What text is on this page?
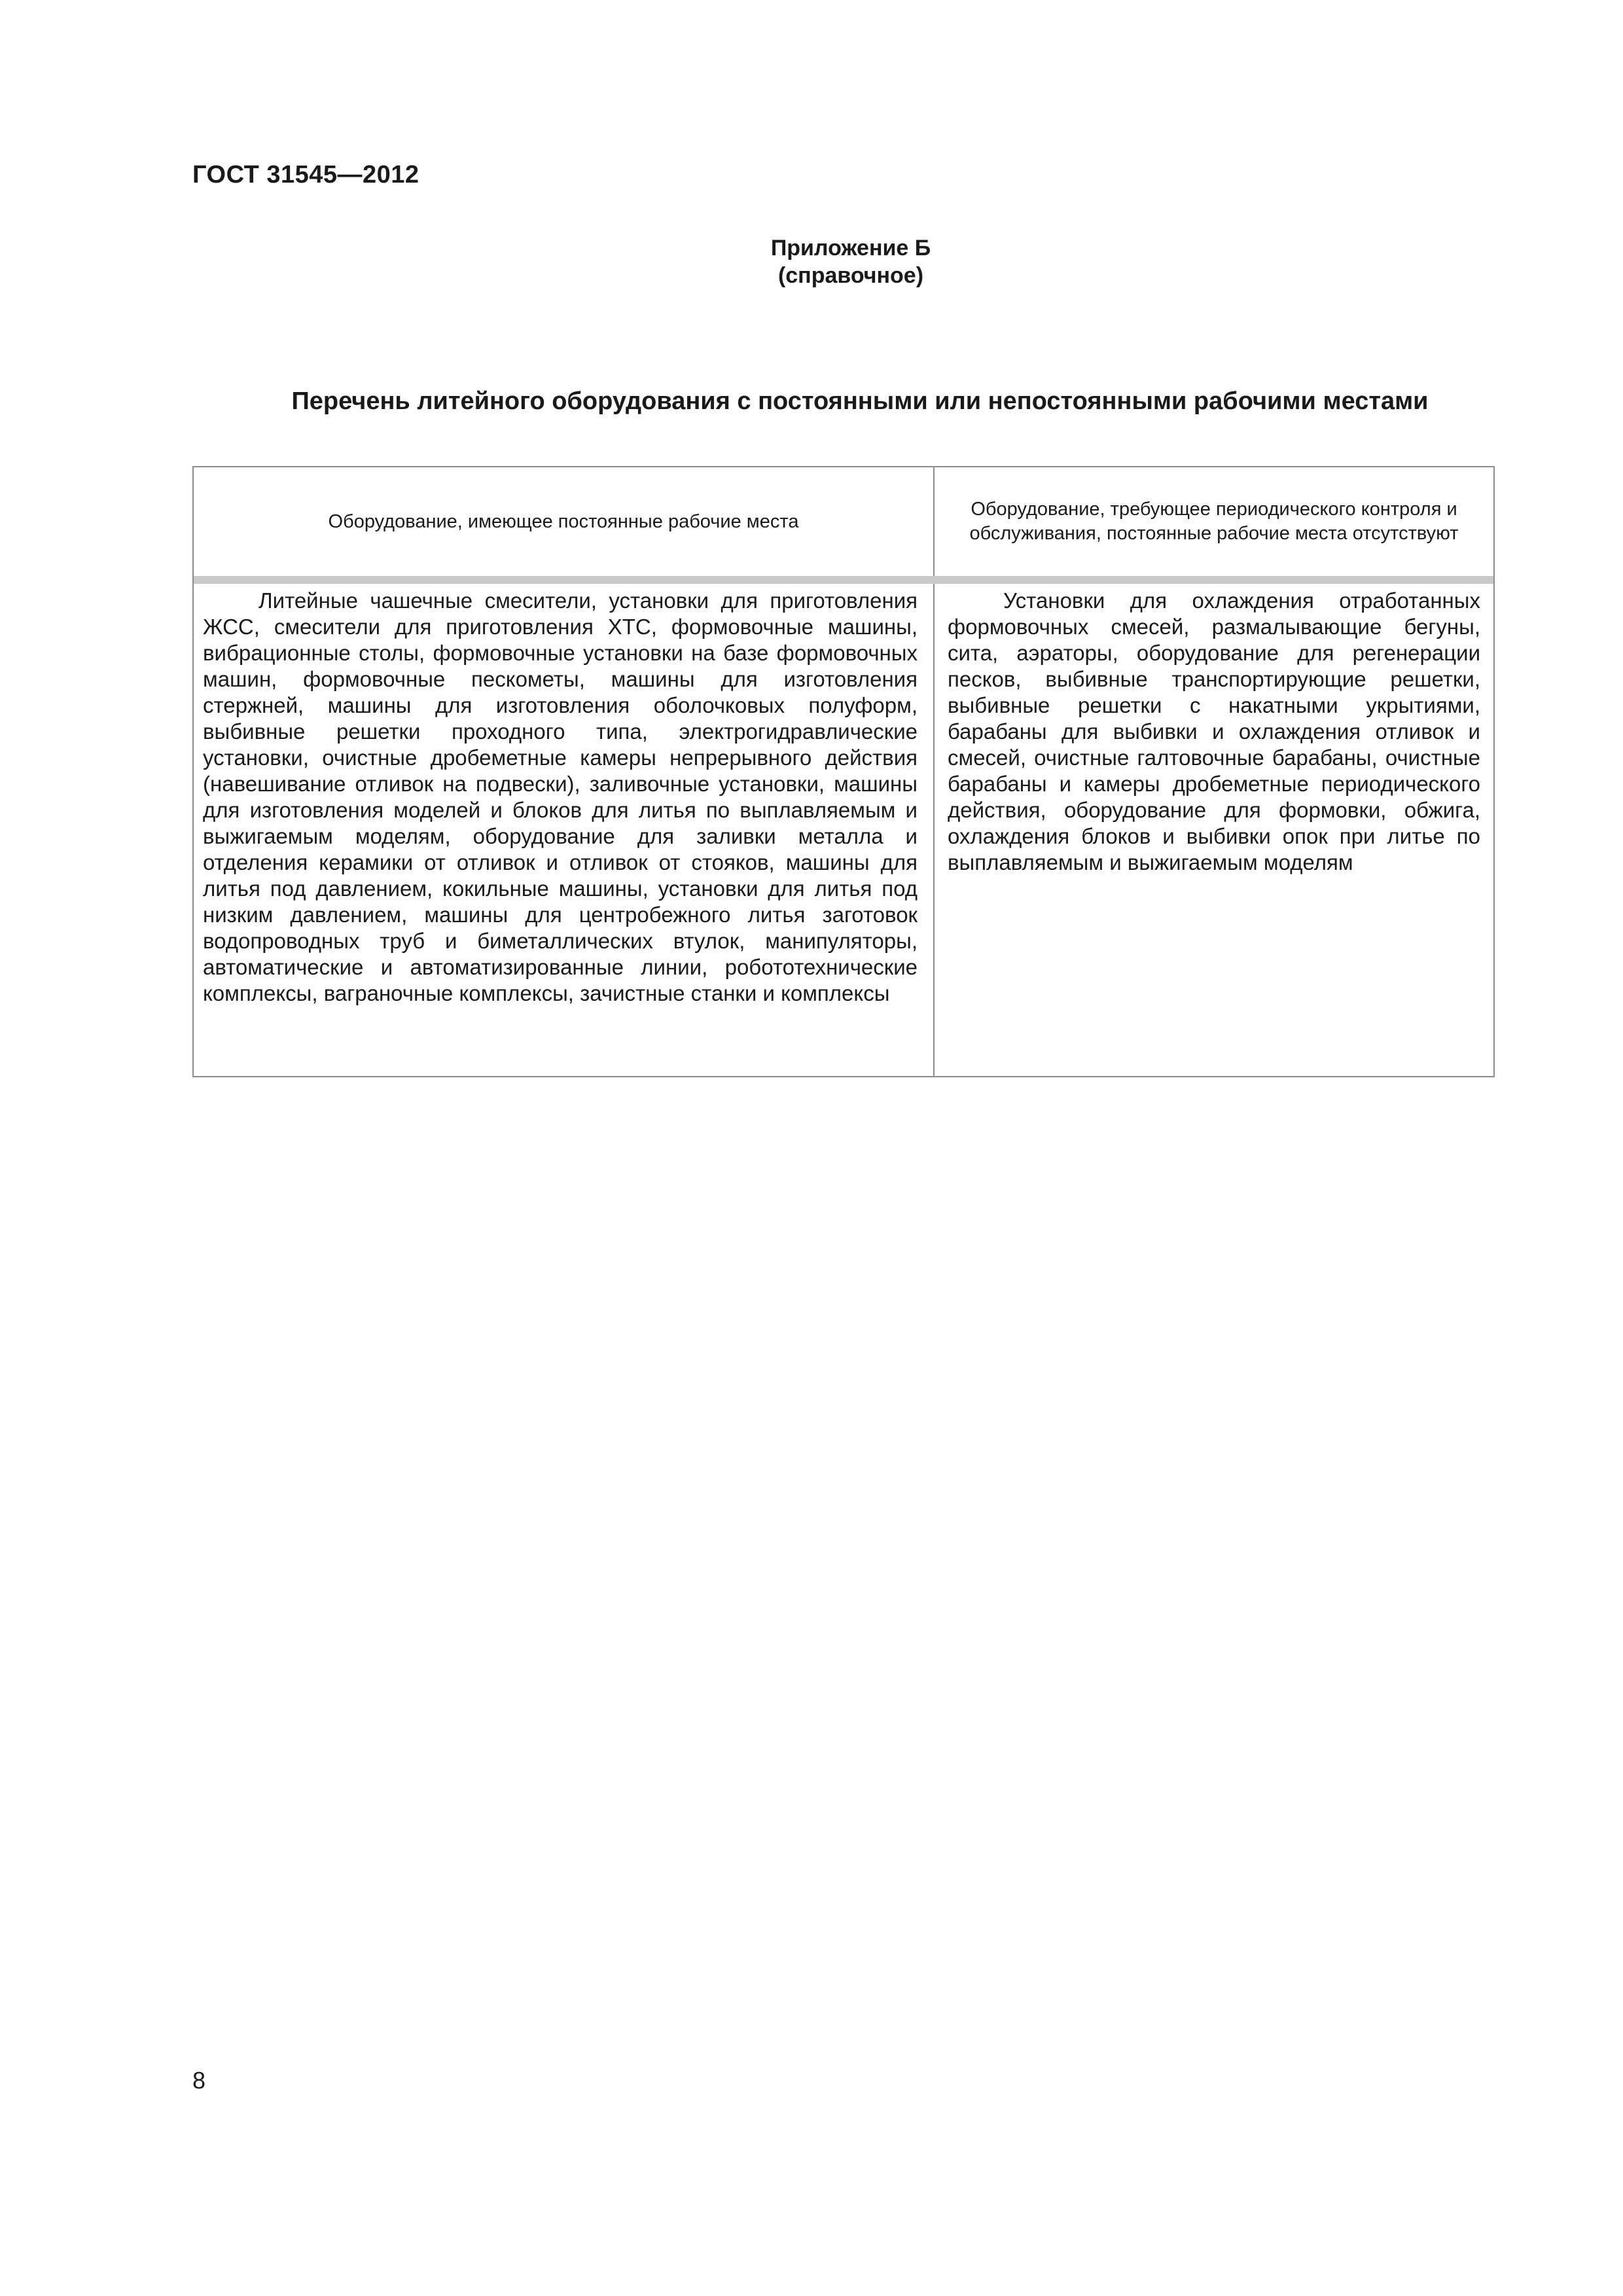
ГОСТ 31545—2012
Приложение Б
(справочное)
Перечень литейного оборудования с постоянными или непостоянными рабочими местами
Оборудование, имеющее постоянные рабочие места
Оборудование, требующее периодического контроля и обслуживания, постоянные рабочие места отсутствуют
Литейные чашечные смесители, установки для приготовления ЖСС, смесители для приготовления ХТС, формовочные машины, вибрационные столы, формовочные установки на базе формовочных машин, формовочные пескометы, машины для изготовления стержней, машины для изготовления оболочковых полуформ, выбивные решетки проходного типа, электрогидравлические установки, очистные дробеметные камеры непрерывного действия (навешивание отливок на подвески), заливочные установки, машины для изготовления моделей и блоков для литья по выплавляемым и выжигаемым моделям, оборудование для заливки металла и отделения керамики от отливок и отливок от стояков, машины для литья под давлением, кокильные машины, установки для литья под низким давлением, машины для центробежного литья заготовок водопроводных труб и биметаллических втулок, манипуляторы, автоматические и автоматизированные линии, робототехнические комплексы, ваграночные комплексы, зачистные станки и комплексы
Установки для охлаждения отработанных формовочных смесей, размалывающие бегуны, сита, аэраторы, оборудование для регенерации песков, выбивные транспортирующие решетки, выбивные решетки с накатными укрытиями, барабаны для выбивки и охлаждения отливок и смесей, очистные галтовочные барабаны, очистные барабаны и камеры дробеметные периодического действия, оборудование для формовки, обжига, охлаждения блоков и выбивки опок при литье по выплавляемым и выжигаемым моделям
8
